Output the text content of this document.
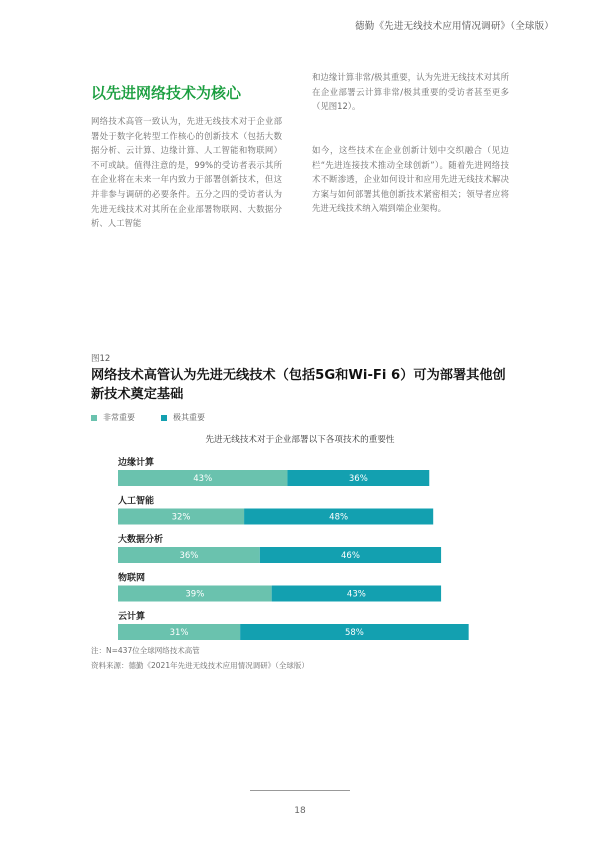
德勤《先进无线技术应用情况调研》（全球版）
以先进网络技术为核心
网络技术高管一致认为，先进无线技术对于企业部署处于数字化转型工作核心的创新技术（包括大数据分析、云计算、边缘计算、人工智能和物联网）不可或缺。值得注意的是，99%的受访者表示其所在企业将在未来一年内致力于部署创新技术，但这并非参与调研的必要条件。五分之四的受访者认为先进无线技术对其所在企业部署物联网、大数据分析、人工智能
和边缘计算非常/极其重要，认为先进无线技术对其所在企业部署云计算非常/极其重要的受访者甚至更多（见图12）。
如今，这些技术在企业创新计划中交织融合（见边栏“先进连接技术推动全球创新”）。随着先进网络技术不断渗透，企业如何设计和应用先进无线技术解决方案与如何部署其他创新技术紧密相关；领导者应将先进无线技术纳入端到端企业架构。
图12
网络技术高管认为先进无线技术（包括5G和Wi-Fi 6）可为部署其他创新技术奠定基础
非常重要	极其重要
先进无线技术对于企业部署以下各项技术的重要性
边缘计算
43%	36%
人工智能
32%	48%
大数据分析
36%	46%
物联网
39%	43%
云计算
31%	58%
注：N=437位全球网络技术高管
资料来源：德勤《2021年先进无线技术应用情况调研》（全球版）
18
